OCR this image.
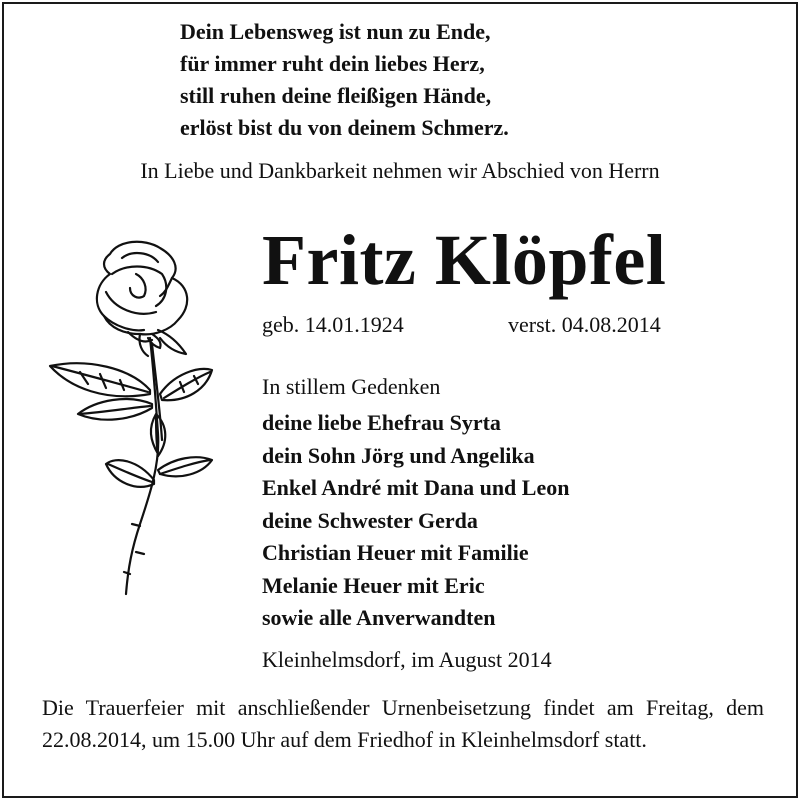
Dein Lebensweg ist nun zu Ende,
für immer ruht dein liebes Herz,
still ruhen deine fleißigen Hände,
erlöst bist du von deinem Schmerz.
In Liebe und Dankbarkeit nehmen wir Abschied von Herrn
Fritz Klöpfel
geb. 14.01.1924	verst. 04.08.2014
In stillem Gedenken
deine liebe Ehefrau Syrta
dein Sohn Jörg und Angelika
Enkel André mit Dana und Leon
deine Schwester Gerda
Christian Heuer mit Familie
Melanie Heuer mit Eric
sowie alle Anverwandten
Kleinhelmsdorf, im August 2014
Die Trauerfeier mit anschließender Urnenbeisetzung findet am Freitag, dem 22.08.2014, um 15.00 Uhr auf dem Friedhof in Kleinhelmsdorf statt.
